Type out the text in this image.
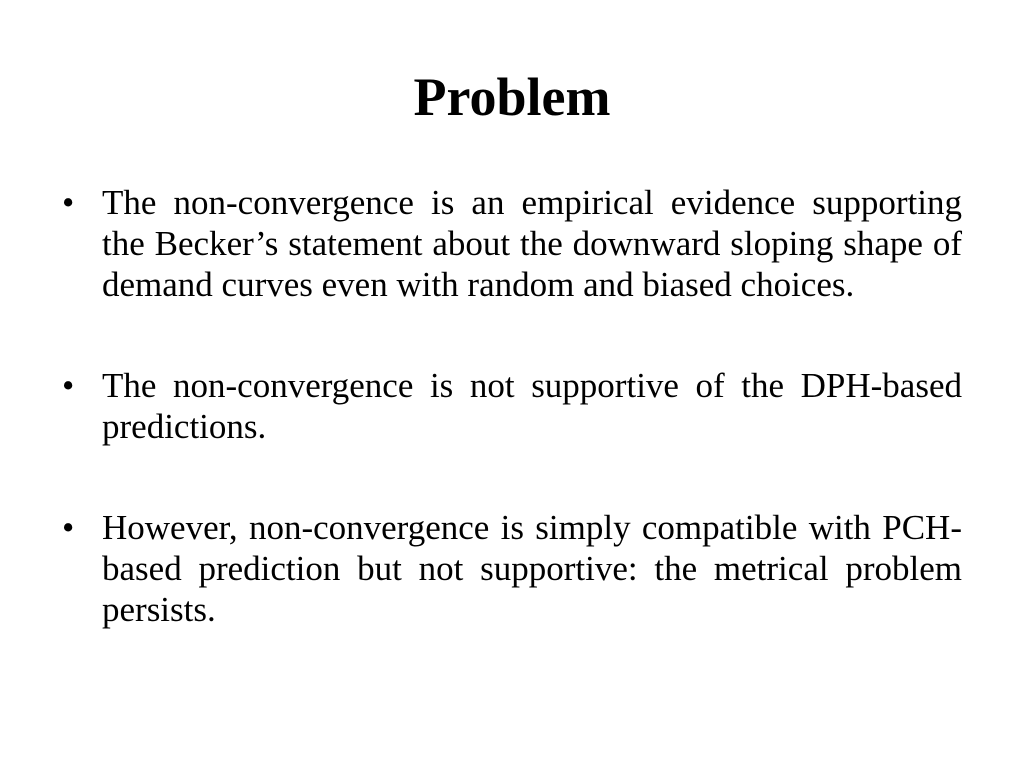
Problem
• The non-convergence is an empirical evidence supporting the Becker’s statement about the downward sloping shape of demand curves even with random and biased choices.
• The non-convergence is not supportive of the DPH-based predictions.
• However, non-convergence is simply compatible with PCH-based prediction but not supportive: the metrical problem persists.
